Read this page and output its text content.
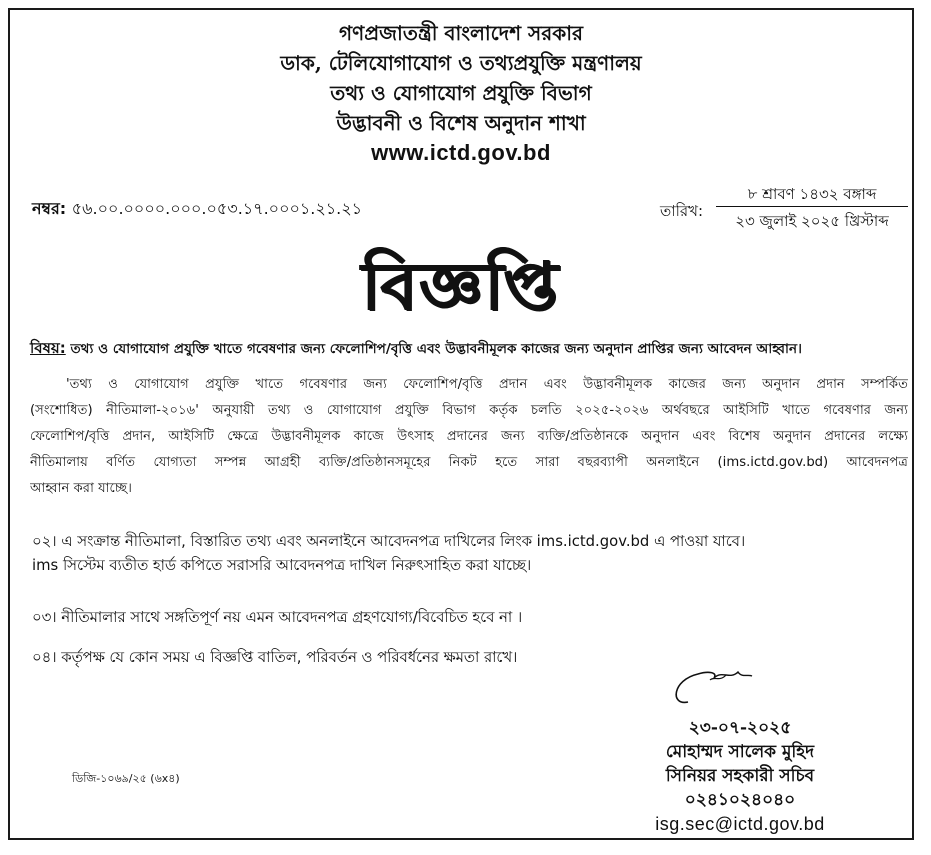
গণপ্রজাতন্ত্রী বাংলাদেশ সরকার
ডাক, টেলিযোগাযোগ ও তথ্যপ্রযুক্তি মন্ত্রণালয়
তথ্য ও যোগাযোগ প্রযুক্তি বিভাগ
উদ্ভাবনী ও বিশেষ অনুদান শাখা
www.ictd.gov.bd
নম্বর: ৫৬.০০.০০০০.০০০.০৫৩.১৭.০০০১.২১.২১	তারিখ:
৮ শ্রাবণ ১৪৩২ বঙ্গাব্দ
২৩ জুলাই ২০২৫ খ্রিস্টাব্দ
বিজ্ঞপ্তি
বিষয়: তথ্য ও যোগাযোগ প্রযুক্তি খাতে গবেষণার জন্য ফেলোশিপ/বৃত্তি এবং উদ্ভাবনীমূলক কাজের জন্য অনুদান প্রাপ্তির জন্য আবেদন আহ্বান।
'তথ্য ও যোগাযোগ প্রযুক্তি খাতে গবেষণার জন্য ফেলোশিপ/বৃত্তি প্রদান এবং উদ্ভাবনীমূলক কাজের জন্য অনুদান প্রদান সম্পর্কিত
(সংশোধিত) নীতিমালা-২০১৬' অনুযায়ী তথ্য ও যোগাযোগ প্রযুক্তি বিভাগ কর্তৃক চলতি ২০২৫-২০২৬ অর্থবছরে আইসিটি খাতে গবেষণার জন্য
ফেলোশিপ/বৃত্তি প্রদান, আইসিটি ক্ষেত্রে উদ্ভাবনীমূলক কাজে উৎসাহ প্রদানের জন্য ব্যক্তি/প্রতিষ্ঠানকে অনুদান এবং বিশেষ অনুদান প্রদানের লক্ষ্যে
নীতিমালায় বর্ণিত যোগ্যতা সম্পন্ন আগ্রহী ব্যক্তি/প্রতিষ্ঠানসমূহের নিকট হতে সারা বছরব্যাপী অনলাইনে (ims.ictd.gov.bd) আবেদনপত্র
আহ্বান করা যাচ্ছে।
০২। এ সংক্রান্ত নীতিমালা, বিস্তারিত তথ্য এবং অনলাইনে আবেদনপত্র দাখিলের লিংক ims.ictd.gov.bd এ পাওয়া যাবে।
ims সিস্টেম ব্যতীত হার্ড কপিতে সরাসরি আবেদনপত্র দাখিল নিরুৎসাহিত করা যাচ্ছে।
০৩। নীতিমালার সাথে সঙ্গতিপূর্ণ নয় এমন আবেদনপত্র গ্রহণযোগ্য/বিবেচিত হবে না ।
০৪। কর্তৃপক্ষ যে কোন সময় এ বিজ্ঞপ্তি বাতিল, পরিবর্তন ও পরিবর্ধনের ক্ষমতা রাখে।
২৩-০৭-২০২৫
মোহাম্মদ সালেক মুহিদ
সিনিয়র সহকারী সচিব
০২৪১০২৪০৪০
isg.sec@ictd.gov.bd
ডিজি-১০৬৯/২৫ (৬x৪)
